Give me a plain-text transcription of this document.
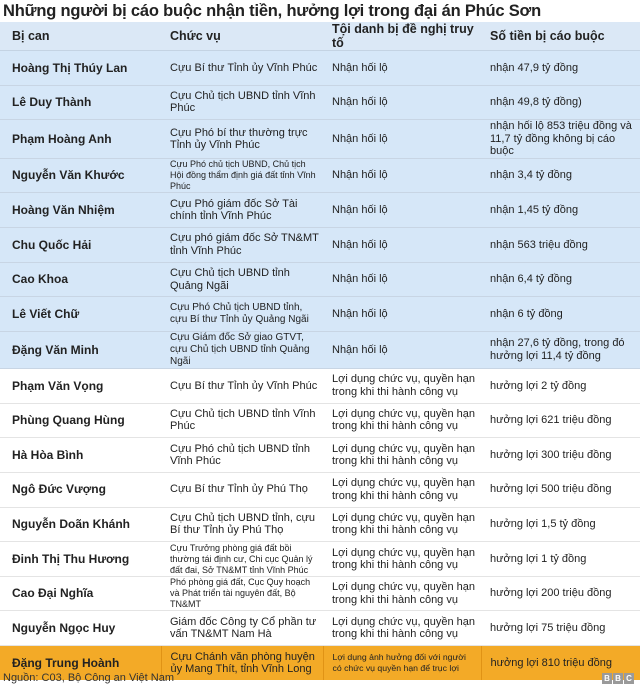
Những người bị cáo buộc nhận tiền, hưởng lợi trong đại án Phúc Sơn
Bị can	Chức vụ	Tội danh bị đề nghị truy tố	Số tiền bị cáo buộc
Hoàng Thị Thúy Lan	Cựu Bí thư Tỉnh ủy Vĩnh Phúc	Nhận hối lộ	nhận 47,9 tỷ đồng
Lê Duy Thành	Cựu Chủ tịch UBND tỉnh Vĩnh Phúc	Nhận hối lộ	nhận 49,8 tỷ đồng)
Phạm Hoàng Anh	Cựu Phó bí thư thường trực Tỉnh ủy Vĩnh Phúc	Nhận hối lộ	nhận hối lộ 853 triệu đồng và 11,7 tỷ đồng không bị cáo buộc
Nguyễn Văn Khước	Cựu Phó chủ tịch UBND, Chủ tịch Hội đồng thẩm định giá đất tỉnh Vĩnh Phúc	Nhận hối lộ	nhận 3,4 tỷ đồng
Hoàng Văn Nhiệm	Cựu Phó giám đốc Sở Tài chính tỉnh Vĩnh Phúc	Nhận hối lộ	nhận 1,45 tỷ đồng
Chu Quốc Hải	Cựu phó giám đốc Sở TN&MT tỉnh Vĩnh Phúc	Nhận hối lộ	nhận 563 triệu đồng
Cao Khoa	Cựu Chủ tịch UBND tỉnh Quảng Ngãi	Nhận hối lộ	nhận 6,4 tỷ đồng
Lê Viết Chữ	Cựu Phó Chủ tịch UBND tỉnh, cựu Bí thư Tỉnh ủy Quảng Ngãi	Nhận hối lộ	nhận 6 tỷ đồng
Đặng Văn Minh	Cựu Giám đốc Sở giao GTVT, cựu Chủ tịch UBND tỉnh Quảng Ngãi	Nhận hối lộ	nhận 27,6 tỷ đồng, trong đó hưởng lợi 11,4 tỷ đồng
Phạm Văn Vọng	Cựu Bí thư Tỉnh ủy Vĩnh Phúc	Lợi dụng chức vụ, quyền hạn trong khi thi hành công vụ	hưởng lợi 2 tỷ đồng
Phùng Quang Hùng	Cựu Chủ tịch UBND tỉnh Vĩnh Phúc	Lợi dụng chức vụ, quyền hạn trong khi thi hành công vụ	hưởng lợi 621 triệu đồng
Hà Hòa Bình	Cựu Phó chủ tịch UBND tỉnh Vĩnh Phúc	Lợi dụng chức vụ, quyền hạn trong khi thi hành công vụ	hưởng lợi 300 triệu đồng
Ngô Đức Vượng	Cựu Bí thư Tỉnh ủy Phú Thọ	Lợi dụng chức vụ, quyền hạn trong khi thi hành công vụ	hưởng lợi 500 triệu đồng
Nguyễn Doãn Khánh	Cựu Chủ tịch UBND tỉnh, cựu Bí thư Tỉnh ủy Phú Thọ	Lợi dụng chức vụ, quyền hạn trong khi thi hành công vụ	hưởng lợi 1,5 tỷ đồng
Đinh Thị Thu Hương	Cựu Trưởng phòng giá đất bồi thường tái định cư, Chi cục Quản lý đất đai, Sở TN&MT tỉnh Vĩnh Phúc	Lợi dụng chức vụ, quyền hạn trong khi thi hành công vụ	hưởng lợi 1 tỷ đồng
Cao Đại Nghĩa	Phó phòng giá đất, Cục Quy hoạch và Phát triển tài nguyên đất, Bộ TN&MT	Lợi dụng chức vụ, quyền hạn trong khi thi hành công vụ	hưởng lợi 200 triệu đồng
Nguyễn Ngọc Huy	Giám đốc Công ty Cổ phần tư vấn TN&MT Nam Hà	Lợi dụng chức vụ, quyền hạn trong khi thi hành công vụ	hưởng lợi 75 triệu đồng
Đặng Trung Hoành	Cựu Chánh văn phòng huyện ủy Mang Thít, tỉnh Vĩnh Long	Lợi dụng ảnh hưởng đối với người có chức vụ quyền hạn để trục lợi	hưởng lợi 810 triệu đồng
Nguồn: C03, Bộ Công an Việt Nam	B B C
